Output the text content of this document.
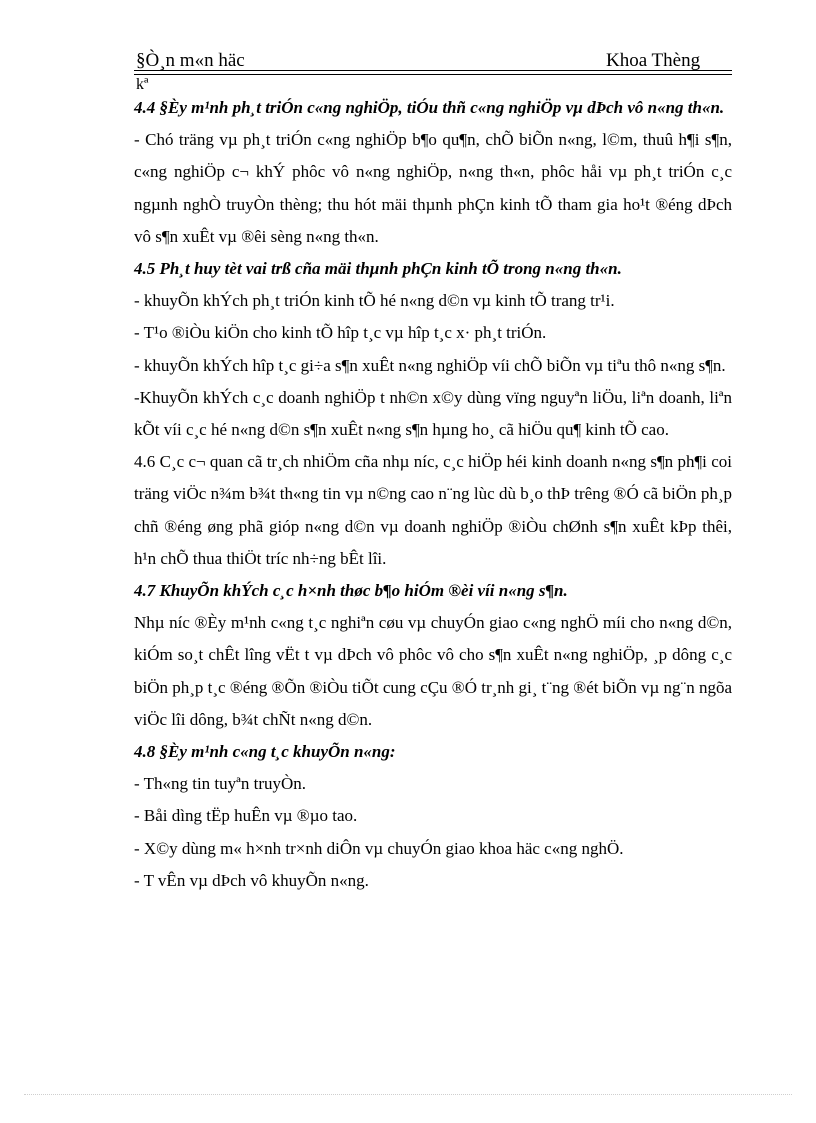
§Ò¸n m«n häc	Khoa Thèng
kª

4.4 §Èy m¹nh ph¸t triÓn c«ng nghiÖp, tiÓu thñ c«ng nghiÖp vµ dÞch vô n«ng th«n.

- Chó träng vµ ph¸t triÓn c«ng nghiÖp b¶o qu¶n, chÕ biÕn n«ng, l©m, thuû h¶i s¶n, c«ng nghiÖp c¬ khÝ phôc vô n«ng nghiÖp, n«ng th«n, phôc håi vµ ph¸t triÓn c¸c ngµnh nghÒ truyÒn thèng; thu hót mäi thµnh phÇn kinh tÕ tham gia ho¹t ®éng dÞch vô s¶n xuÊt vµ ®êi sèng n«ng th«n.

4.5 Ph¸t huy tèt vai trß cña mäi thµnh phÇn kinh tÕ trong n«ng th«n.

- khuyÕn khÝch ph¸t triÓn kinh tÕ hé n«ng d©n vµ kinh tÕ trang tr¹i.

- T¹o ®iÒu kiÖn cho kinh tÕ hîp t¸c vµ hîp t¸c x· ph¸t triÓn.

- khuyÕn khÝch hîp t¸c gi÷a s¶n xuÊt n«ng nghiÖp víi chÕ biÕn vµ tiªu thô n«ng s¶n.

-KhuyÕn khÝch c¸c doanh nghiÖp t nh©n x©y dùng vïng nguyªn liÖu, liªn doanh, liªn kÕt víi c¸c hé n«ng d©n s¶n xuÊt n«ng s¶n hµng ho¸ cã hiÖu qu¶ kinh tÕ cao.

4.6 C¸c c¬ quan cã tr¸ch nhiÖm cña nhµ níc, c¸c hiÖp héi kinh doanh n«ng s¶n ph¶i coi träng viÖc n¾m b¾t th«ng tin vµ n©ng cao n¨ng lùc dù b¸o thÞ trêng ®Ó cã biÖn ph¸p chñ ®éng øng phã gióp n«ng d©n vµ doanh nghiÖp ®iÒu chØnh s¶n xuÊt kÞp thêi, h¹n chÕ thua thiÖt tríc nh÷ng bÊt lîi.

4.7 KhuyÕn khÝch c¸c h×nh thøc b¶o hiÓm ®èi víi n«ng s¶n.

Nhµ níc ®Èy m¹nh c«ng t¸c nghiªn cøu vµ chuyÓn giao c«ng nghÖ míi cho n«ng d©n, kiÓm so¸t chÊt lîng vËt t vµ dÞch vô phôc vô cho s¶n xuÊt n«ng nghiÖp, ¸p dông c¸c biÖn ph¸p t¸c ®éng ®Õn ®iÒu tiÕt cung cÇu ®Ó tr¸nh gi¸ t¨ng ®ét biÕn vµ ng¨n ngõa viÖc lîi dông, b¾t chÑt n«ng d©n.

4.8 §Èy m¹nh c«ng t¸c khuyÕn n«ng:

- Th«ng tin tuyªn truyÒn.

- Båi dìng tËp huÊn vµ ®µo tao.

- X©y dùng m« h×nh tr×nh diÔn vµ chuyÓn giao khoa häc c«ng nghÖ.

- T vÊn vµ dÞch vô khuyÕn n«ng.
